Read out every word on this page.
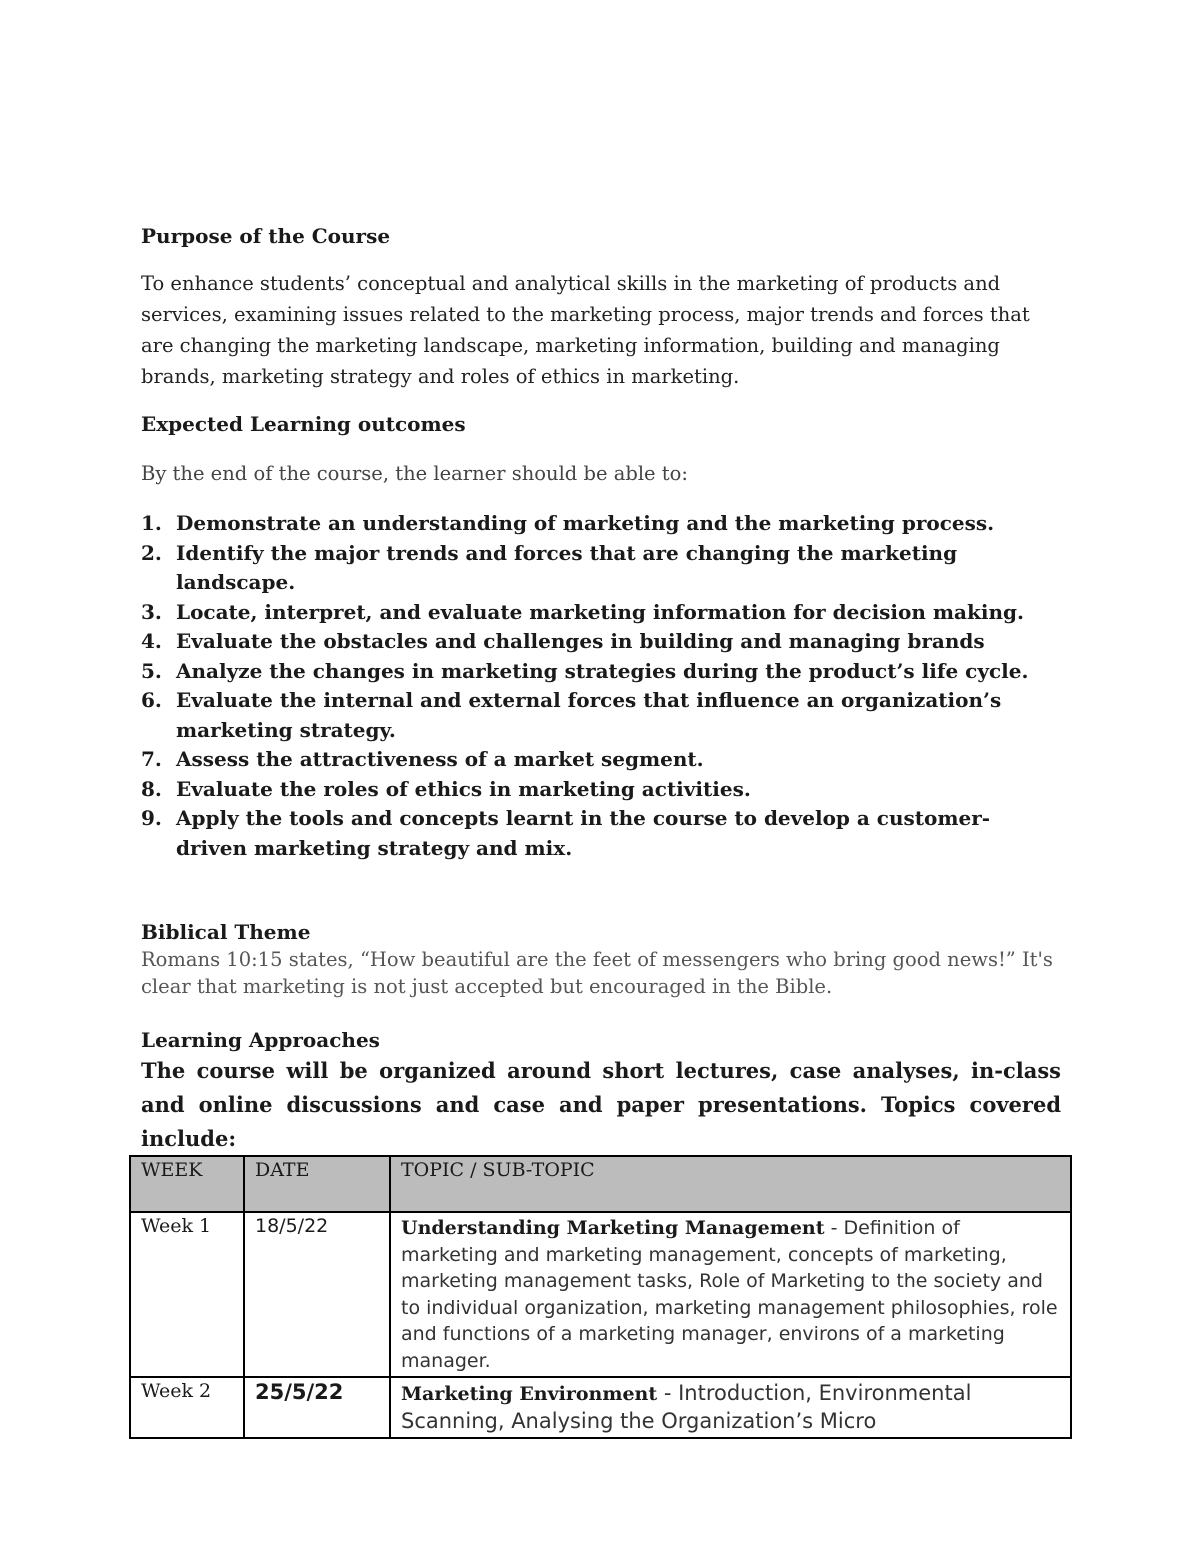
Purpose of the Course

To enhance students’ conceptual and analytical skills in the marketing of products and services, examining issues related to the marketing process, major trends and forces that are changing the marketing landscape, marketing information, building and managing brands, marketing strategy and roles of ethics in marketing.

Expected Learning outcomes

By the end of the course, the learner should be able to:

1. Demonstrate an understanding of marketing and the marketing process.
2. Identify the major trends and forces that are changing the marketing landscape.
3. Locate, interpret, and evaluate marketing information for decision making.
4. Evaluate the obstacles and challenges in building and managing brands
5. Analyze the changes in marketing strategies during the product’s life cycle.
6. Evaluate the internal and external forces that influence an organization’s marketing strategy.
7. Assess the attractiveness of a market segment.
8. Evaluate the roles of ethics in marketing activities.
9. Apply the tools and concepts learnt in the course to develop a customer-driven marketing strategy and mix.

Biblical Theme

Romans 10:15 states, “How beautiful are the feet of messengers who bring good news!” It's clear that marketing is not just accepted but encouraged in the Bible.

Learning Approaches

The course will be organized around short lectures, case analyses, in-class and online discussions and case and paper presentations. Topics covered include:

WEEK	DATE	TOPIC / SUB-TOPIC
Week 1	18/5/22	Understanding Marketing Management - Definition of marketing and marketing management, concepts of marketing, marketing management tasks, Role of Marketing to the society and to individual organization, marketing management philosophies, role and functions of a marketing manager, environs of a marketing manager.
Week 2	25/5/22	Marketing Environment - Introduction, Environmental Scanning, Analysing the Organization’s Micro
